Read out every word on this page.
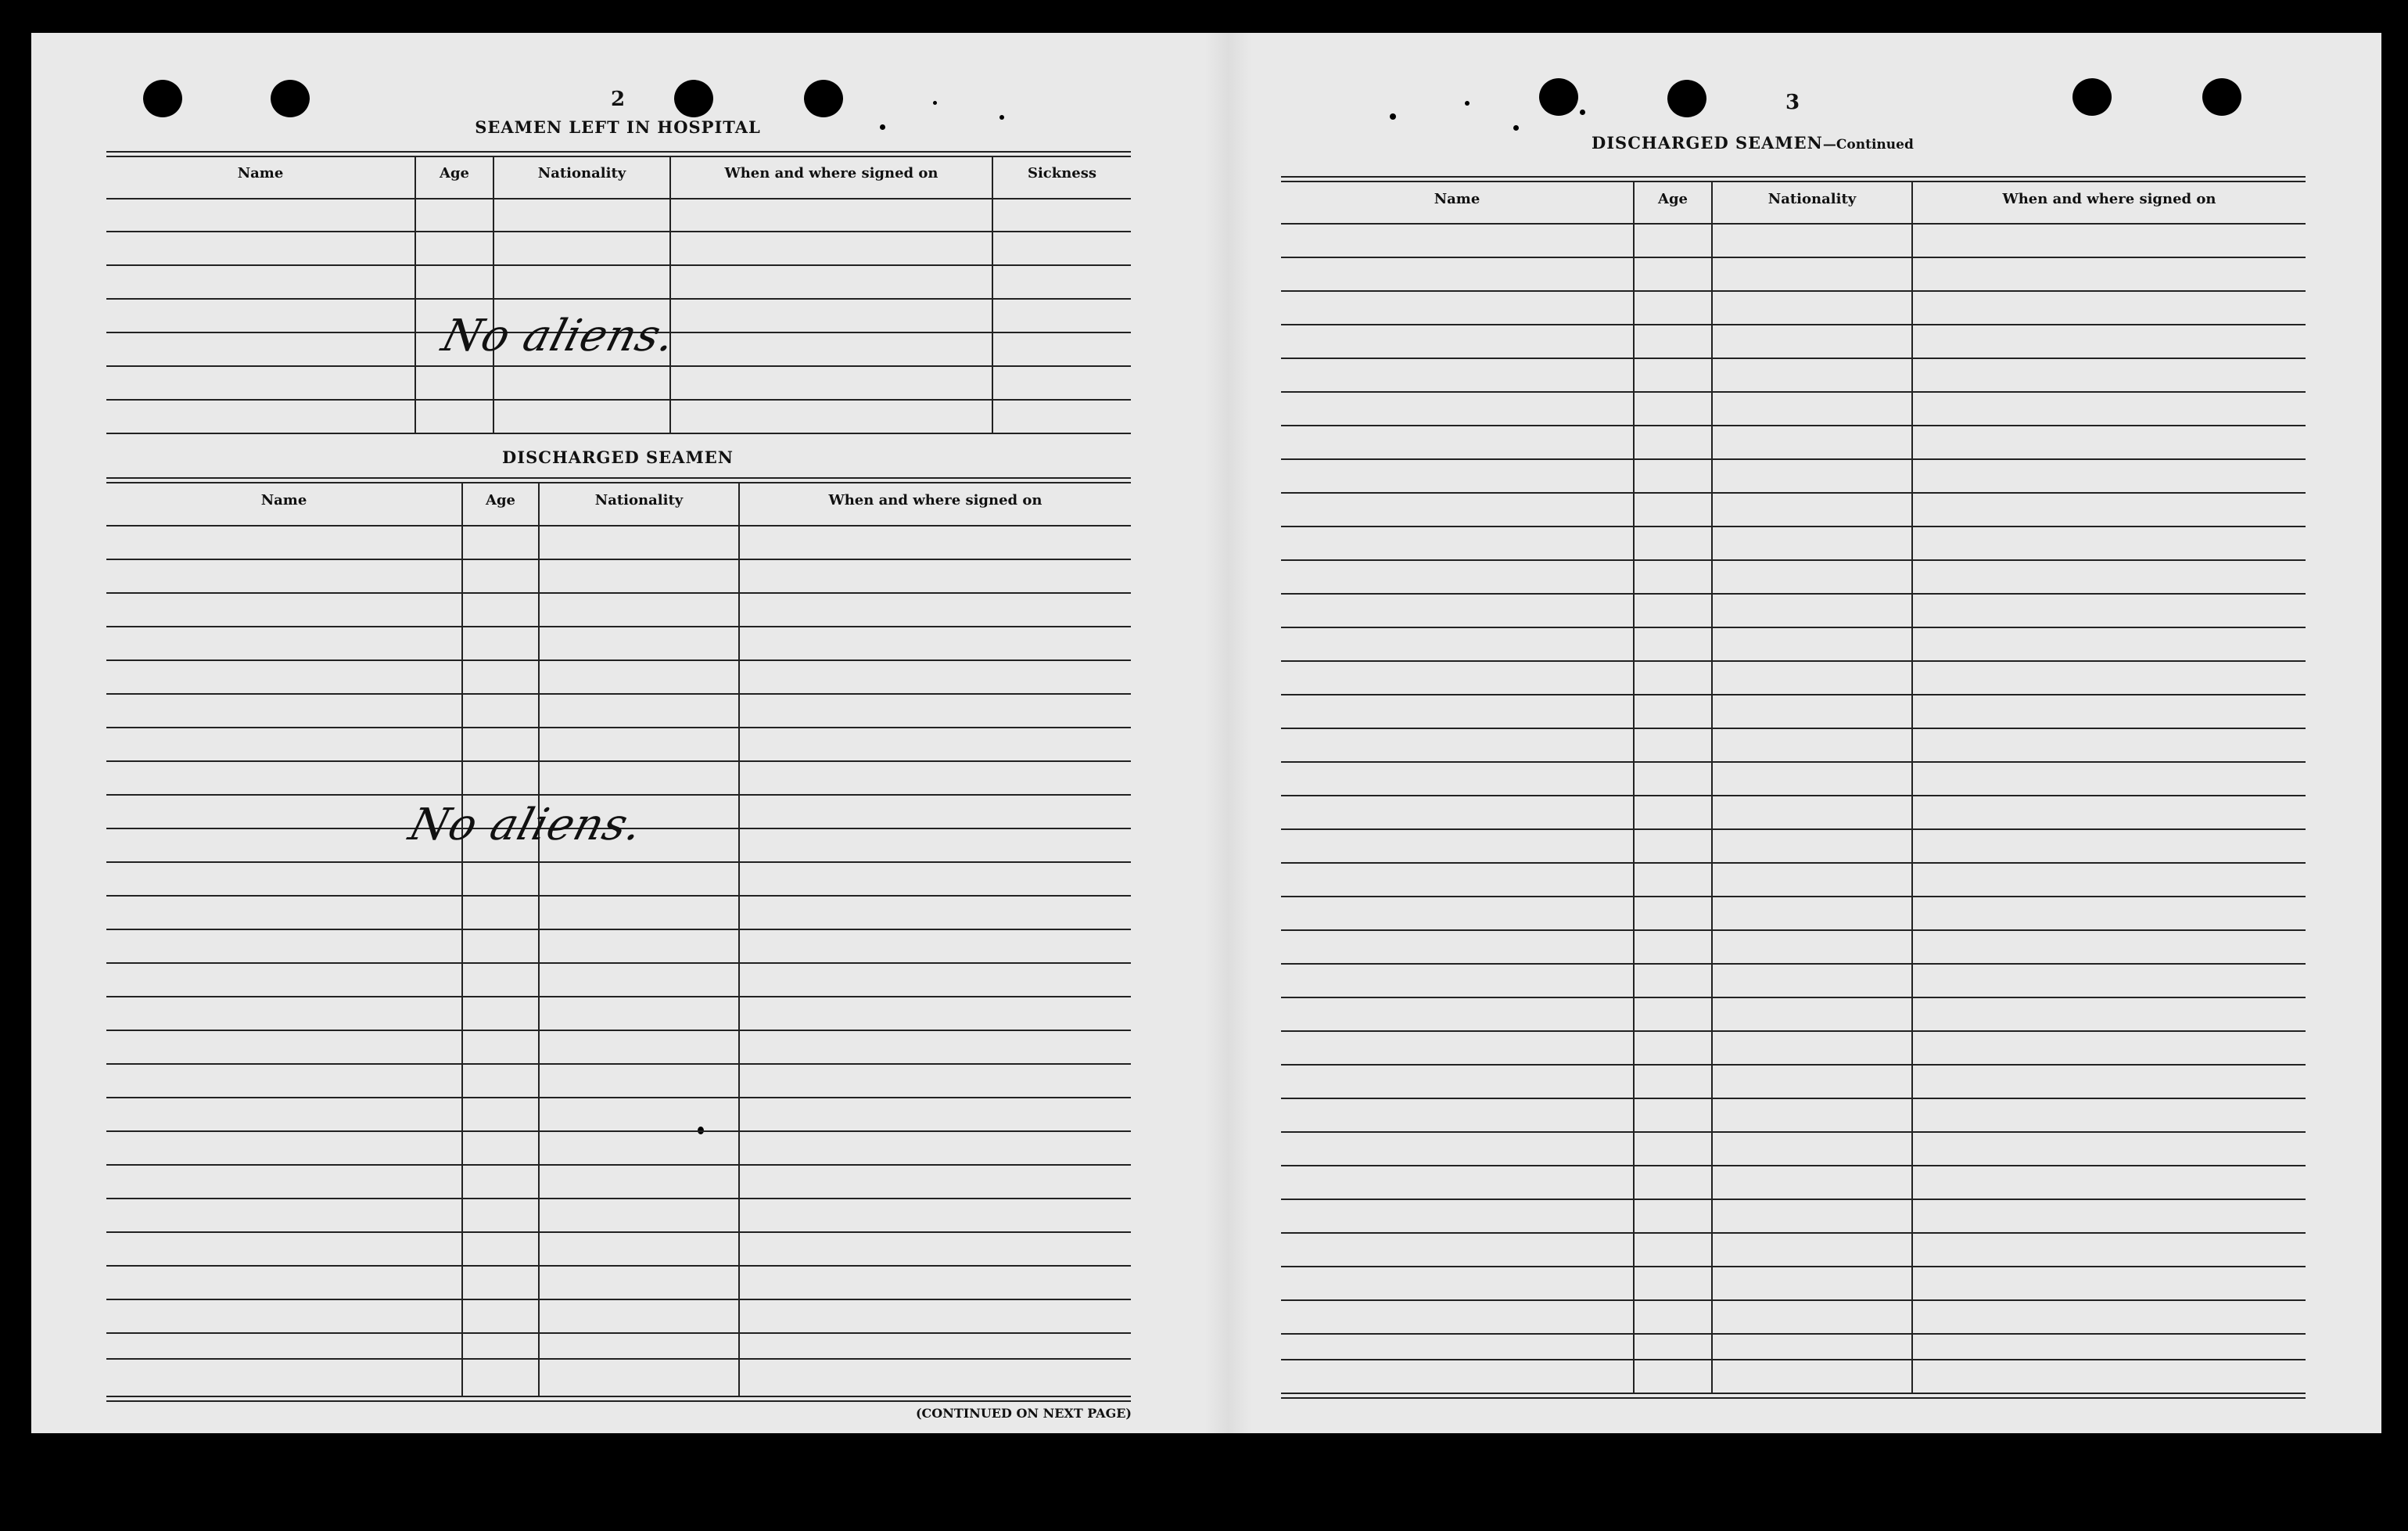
2
SEAMEN LEFT IN HOSPITAL
Name	Age	Nationality	When and where signed on	Sickness
No aliens.
DISCHARGED SEAMEN
Name	Age	Nationality	When and where signed on
No aliens.
(CONTINUED ON NEXT PAGE)
3
DISCHARGED SEAMEN—Continued
Name	Age	Nationality	When and where signed on
